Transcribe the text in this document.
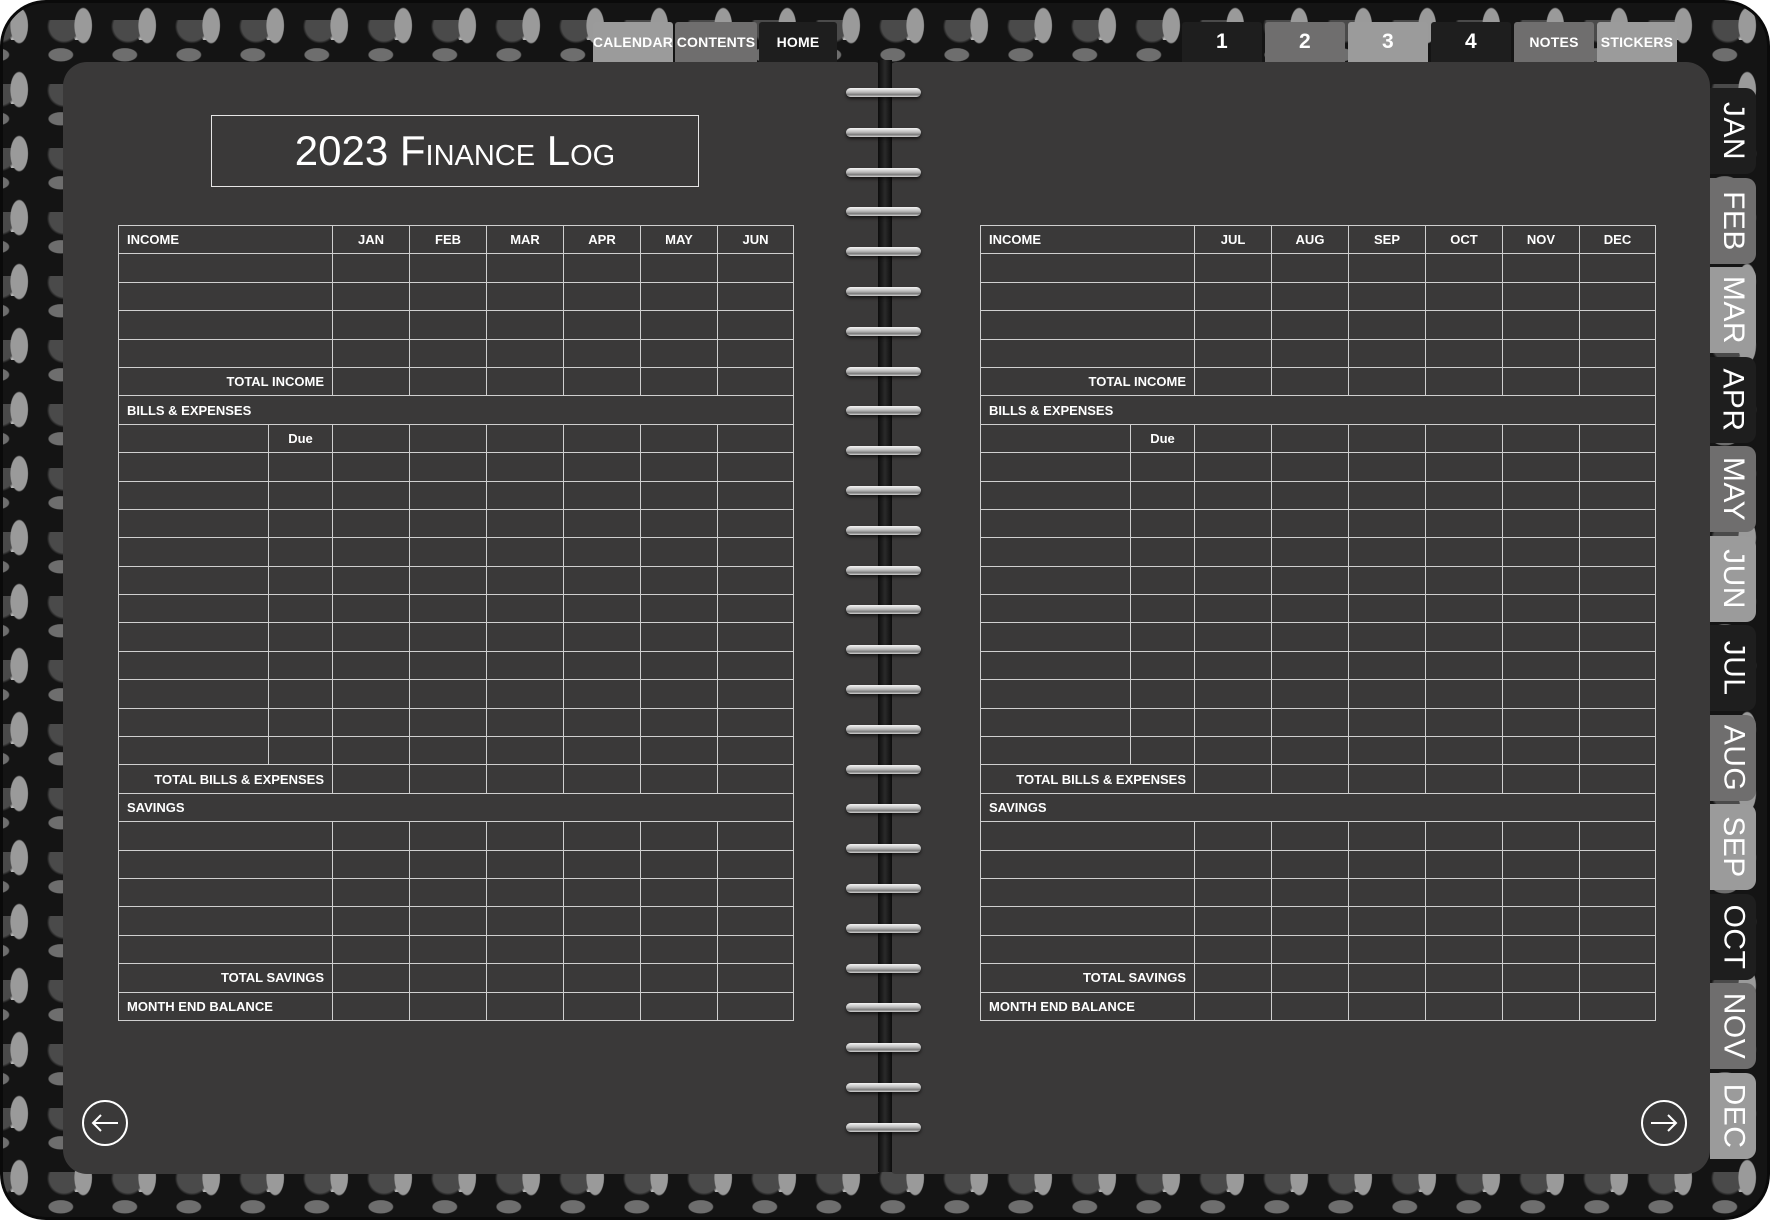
CALENDAR CONTENTS	HOME	1	2	3	4	NOTES	STICKERS
JAN
FEB
MAR
APR
MAY
JUN
JUL
AUG
SEP
OCT
NOV
DEC
2023 Finance Log
INCOME		JAN	FEB	MAR	APR	MAY	JUN

TOTAL INCOME							
BILLS & EXPENSES							
	Due						

TOTAL BILLS & EXPENSES							
SAVINGS							

TOTAL SAVINGS							
MONTH END BALANCE							
INCOME		JUL	AUG	SEP	OCT	NOV	DEC

TOTAL INCOME							
BILLS & EXPENSES							
	Due						

TOTAL BILLS & EXPENSES							
SAVINGS							

TOTAL SAVINGS							
MONTH END BALANCE							
